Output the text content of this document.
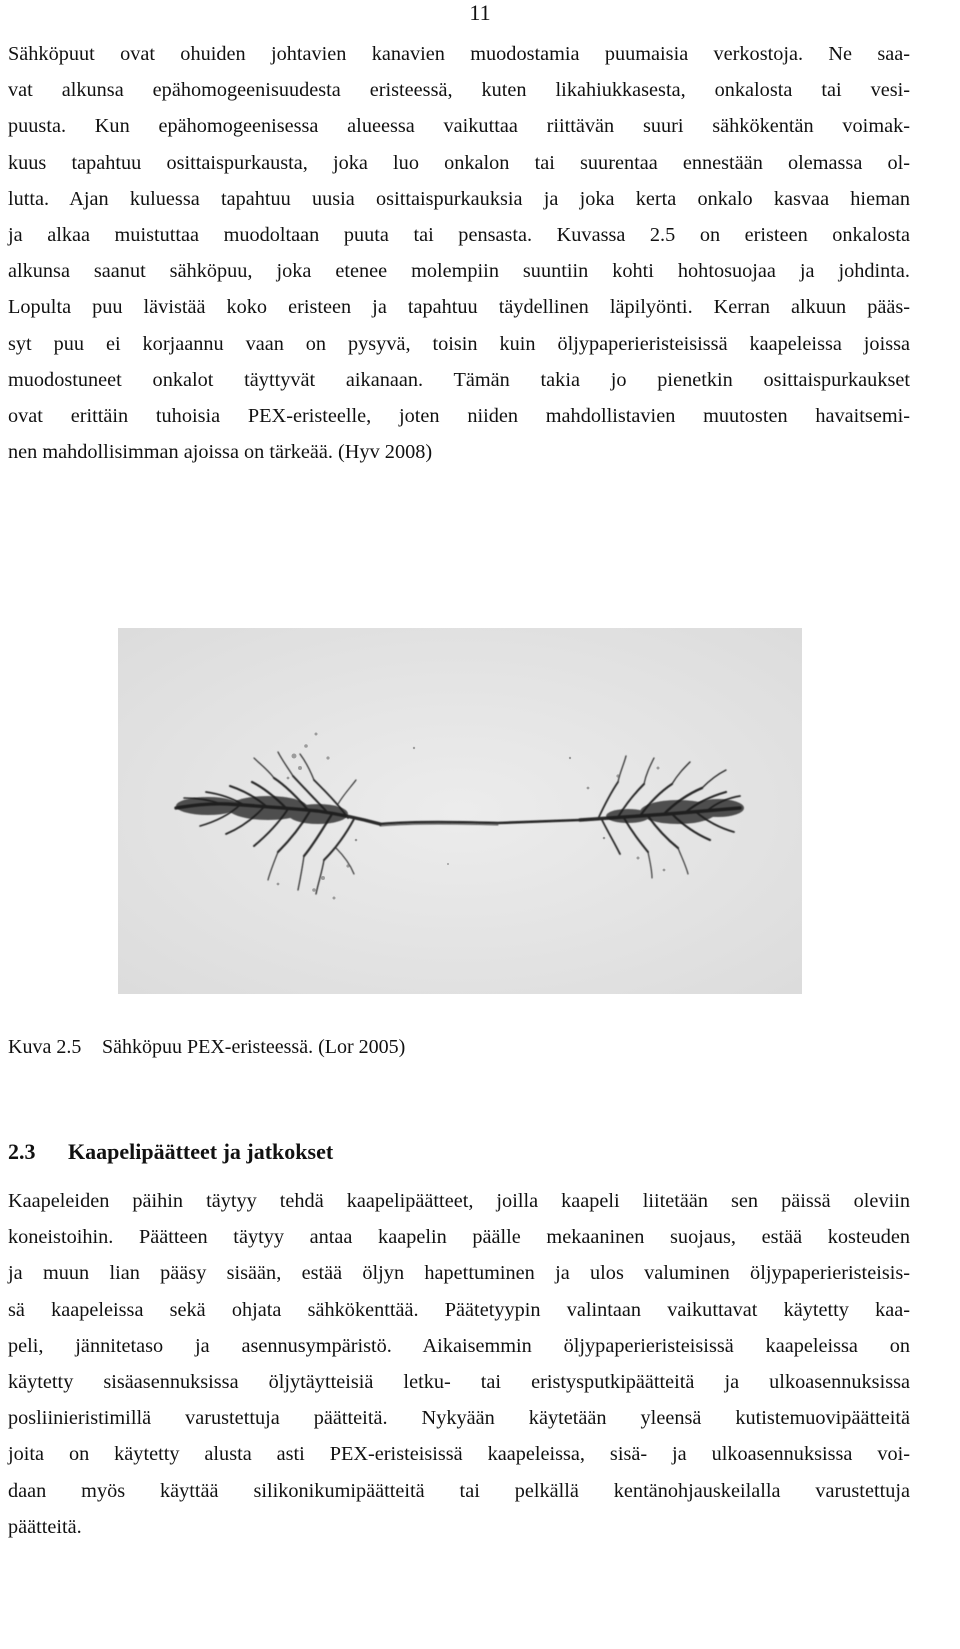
11

Sähköpuut ovat ohuiden johtavien kanavien muodostamia puumaisia verkostoja. Ne saa-
vat alkunsa epähomogeenisuudesta eristeessä, kuten likahiukkasesta, onkalosta tai vesi-
puusta. Kun epähomogeenisessa alueessa vaikuttaa riittävän suuri sähkökentän voimak-
kuus tapahtuu osittaispurkausta, joka luo onkalon tai suurentaa ennestään olemassa ol-
lutta. Ajan kuluessa tapahtuu uusia osittaispurkauksia ja joka kerta onkalo kasvaa hieman
ja alkaa muistuttaa muodoltaan puuta tai pensasta. Kuvassa 2.5 on eristeen onkalosta
alkunsa saanut sähköpuu, joka etenee molempiin suuntiin kohti hohtosuojaa ja johdinta.
Lopulta puu lävistää koko eristeen ja tapahtuu täydellinen läpilyönti. Kerran alkuun pääs-
syt puu ei korjaannu vaan on pysyvä, toisin kuin öljypaperieristeisissä kaapeleissa joissa
muodostuneet onkalot täyttyvät aikanaan. Tämän takia jo pienetkin osittaispurkaukset
ovat erittäin tuhoisia PEX-eristeelle, joten niiden mahdollistavien muutosten havaitsemi-
nen mahdollisimman ajoissa on tärkeää. (Hyv 2008)

Kuva 2.5 Sähköpuu PEX-eristeessä. (Lor 2005)
2.3 Kaapelipäätteet ja jatkokset

Kaapeleiden päihin täytyy tehdä kaapelipäätteet, joilla kaapeli liitetään sen päissä oleviin
koneistoihin. Päätteen täytyy antaa kaapelin päälle mekaaninen suojaus, estää kosteuden
ja muun lian pääsy sisään, estää öljyn hapettuminen ja ulos valuminen öljypaperieristeisis-
sä kaapeleissa sekä ohjata sähkökenttää. Päätetyypin valintaan vaikuttavat käytetty kaa-
peli, jännitetaso ja asennusympäristö. Aikaisemmin öljypaperieristeisissä kaapeleissa on
käytetty sisäasennuksissa öljytäytteisiä letku- tai eristysputkipäätteitä ja ulkoasennuksissa
posliinieristimillä varustettuja päätteitä. Nykyään käytetään yleensä kutistemuovipäätteitä
joita on käytetty alusta asti PEX-eristeisissä kaapeleissa, sisä- ja ulkoasennuksissa voi-
daan myös käyttää silikonikumipäätteitä tai pelkällä kentänohjauskeilalla varustettuja
päätteitä.
